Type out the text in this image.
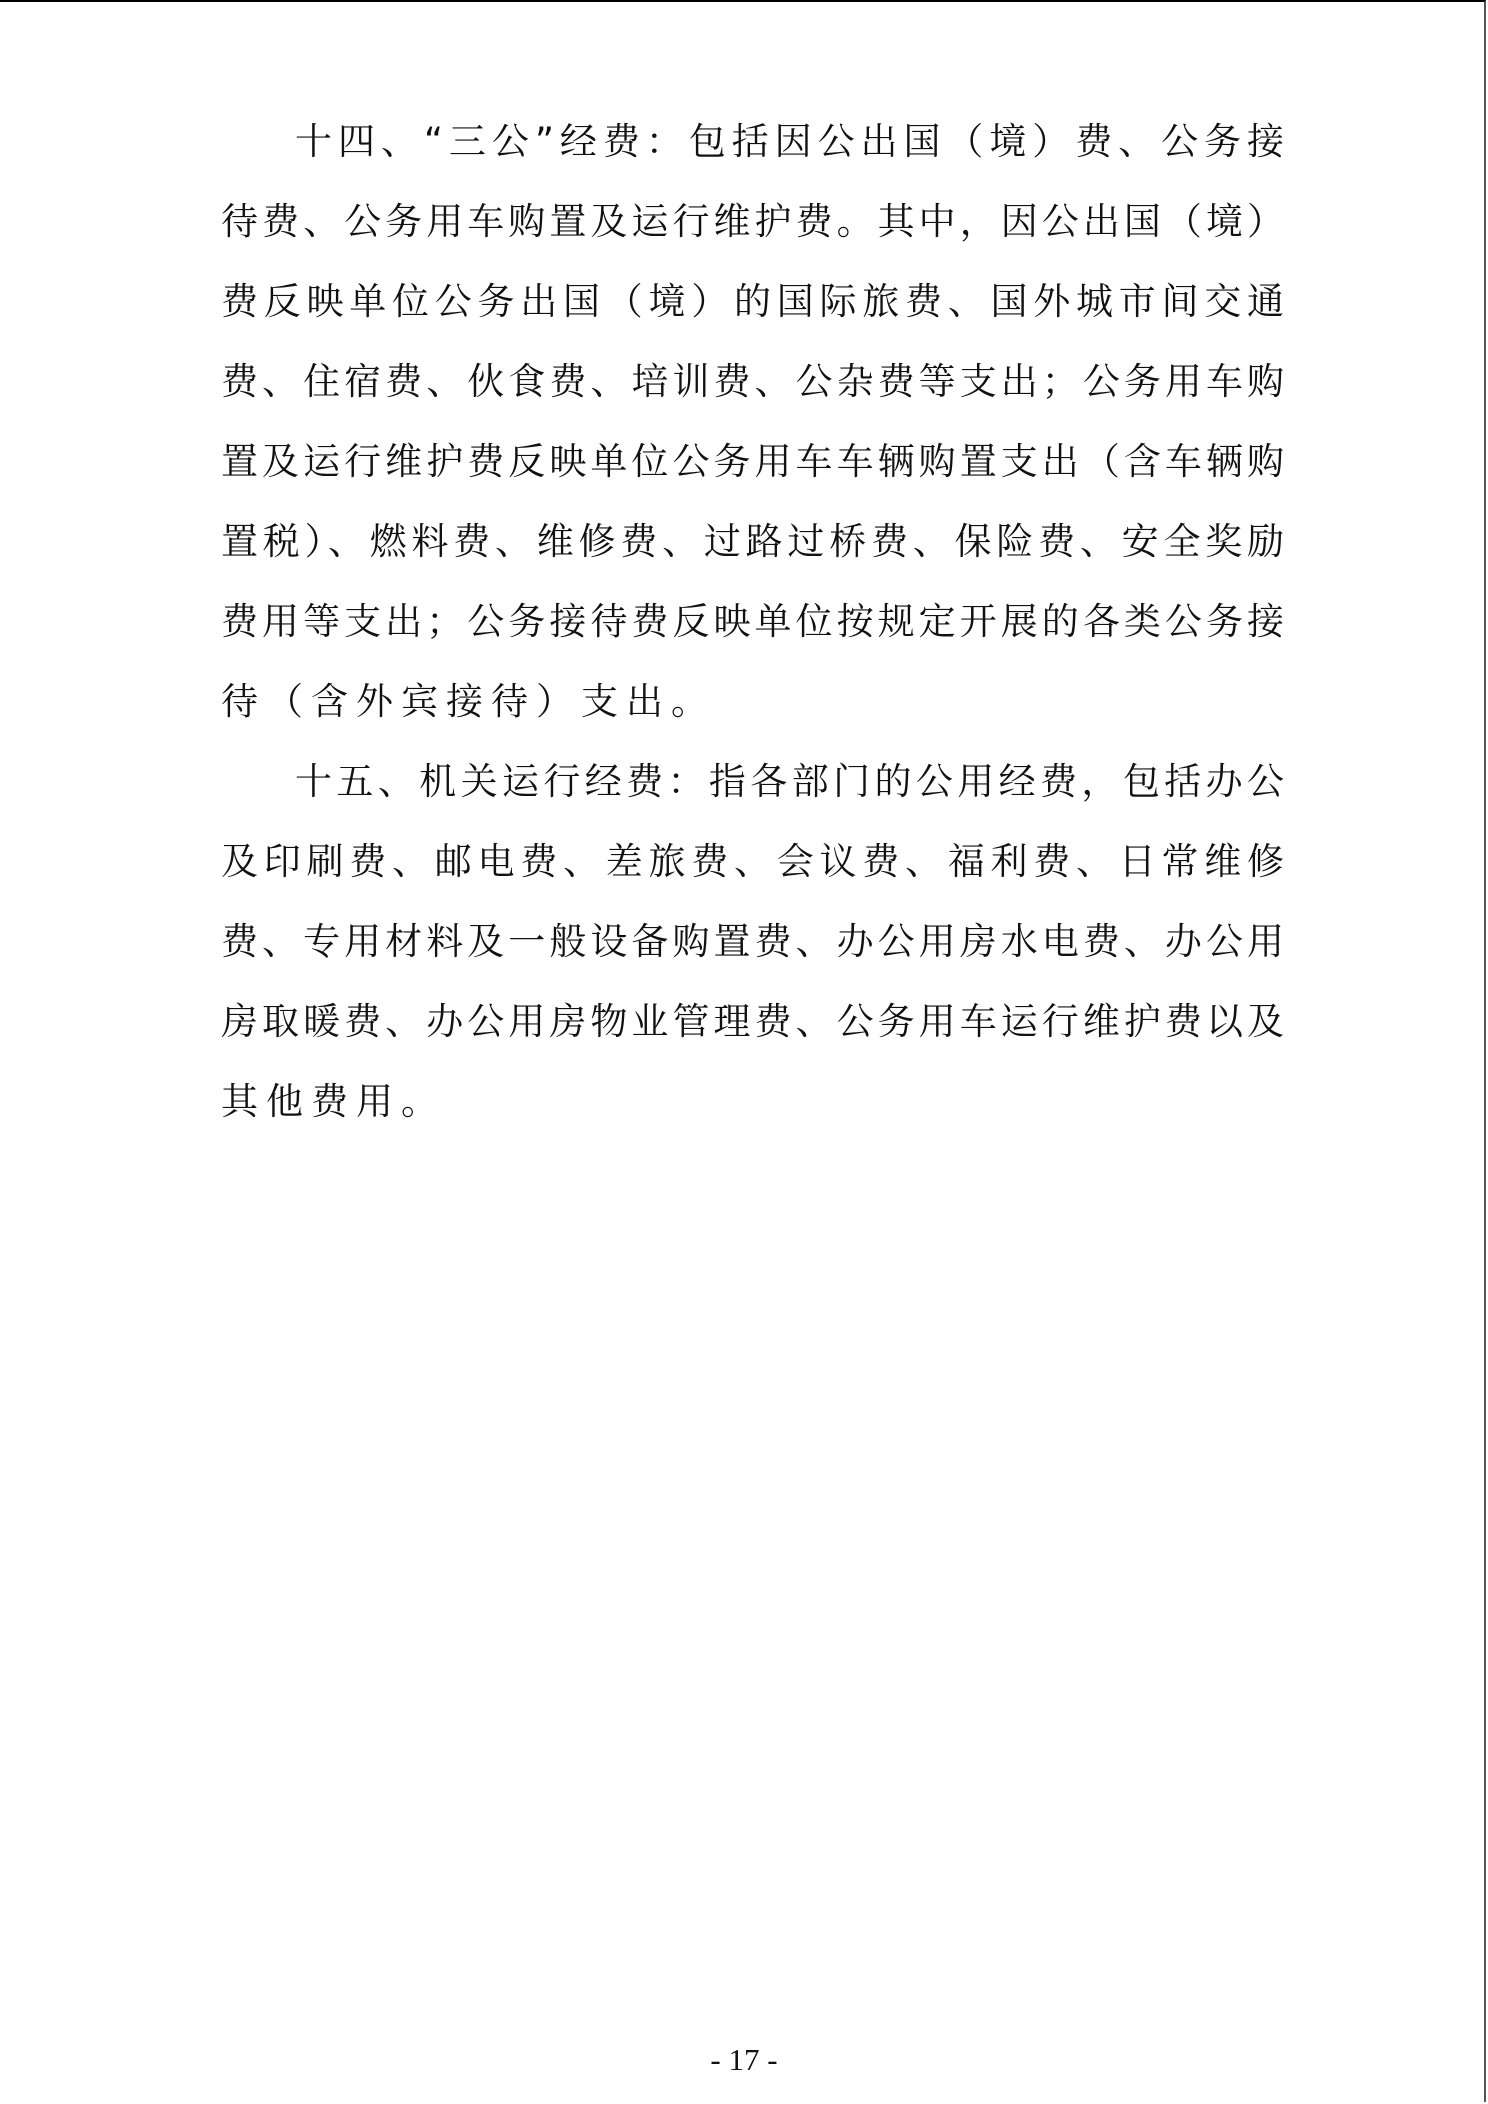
十四、“三公”经费：包括因公出国（境）费、公务接
待费、公务用车购置及运行维护费。其中，因公出国（境）
费反映单位公务出国（境）的国际旅费、国外城市间交通
费、住宿费、伙食费、培训费、公杂费等支出；公务用车购
置及运行维护费反映单位公务用车车辆购置支出（含车辆购
置税）、燃料费、维修费、过路过桥费、保险费、安全奖励
费用等支出；公务接待费反映单位按规定开展的各类公务接
待（含外宾接待）支出。
十五、机关运行经费：指各部门的公用经费，包括办公
及印刷费、邮电费、差旅费、会议费、福利费、日常维修
费、专用材料及一般设备购置费、办公用房水电费、办公用
房取暖费、办公用房物业管理费、公务用车运行维护费以及
其他费用。
- 17 -
